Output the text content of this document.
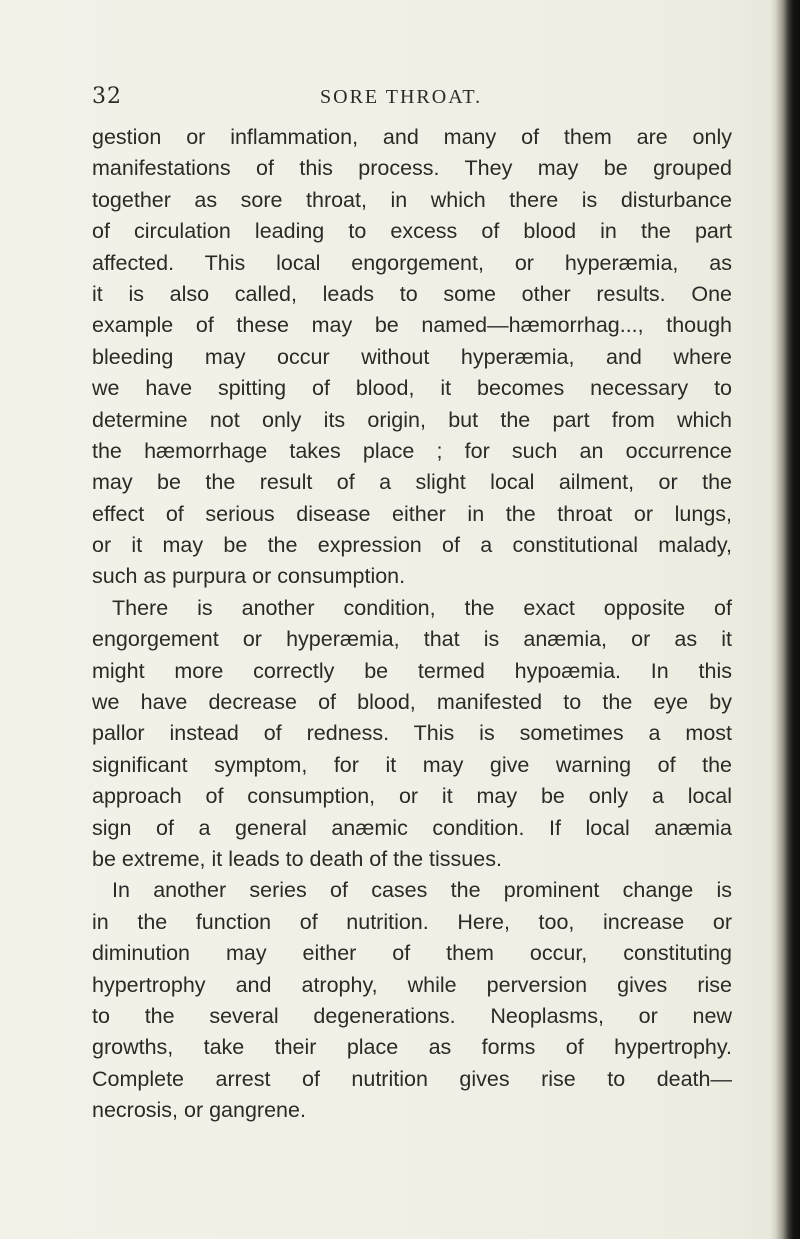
32	SORE THROAT.
gestion or inflammation, and many of them are only
manifestations of this process. They may be grouped
together as sore throat, in which there is disturbance
of circulation leading to excess of blood in the part
affected. This local engorgement, or hyperæmia, as
it is also called, leads to some other results. One
example of these may be named—hæmorrhag..., though
bleeding may occur without hyperæmia, and where
we have spitting of blood, it becomes necessary to
determine not only its origin, but the part from which
the hæmorrhage takes place ; for such an occurrence
may be the result of a slight local ailment, or the
effect of serious disease either in the throat or lungs,
or it may be the expression of a constitutional malady,
such as purpura or consumption.
There is another condition, the exact opposite of
engorgement or hyperæmia, that is anæmia, or as it
might more correctly be termed hypoæmia. In this
we have decrease of blood, manifested to the eye by
pallor instead of redness. This is sometimes a most
significant symptom, for it may give warning of the
approach of consumption, or it may be only a local
sign of a general anæmic condition. If local anæmia
be extreme, it leads to death of the tissues.
In another series of cases the prominent change is
in the function of nutrition. Here, too, increase or
diminution may either of them occur, constituting
hypertrophy and atrophy, while perversion gives rise
to the several degenerations. Neoplasms, or new
growths, take their place as forms of hypertrophy.
Complete arrest of nutrition gives rise to death—
necrosis, or gangrene.
